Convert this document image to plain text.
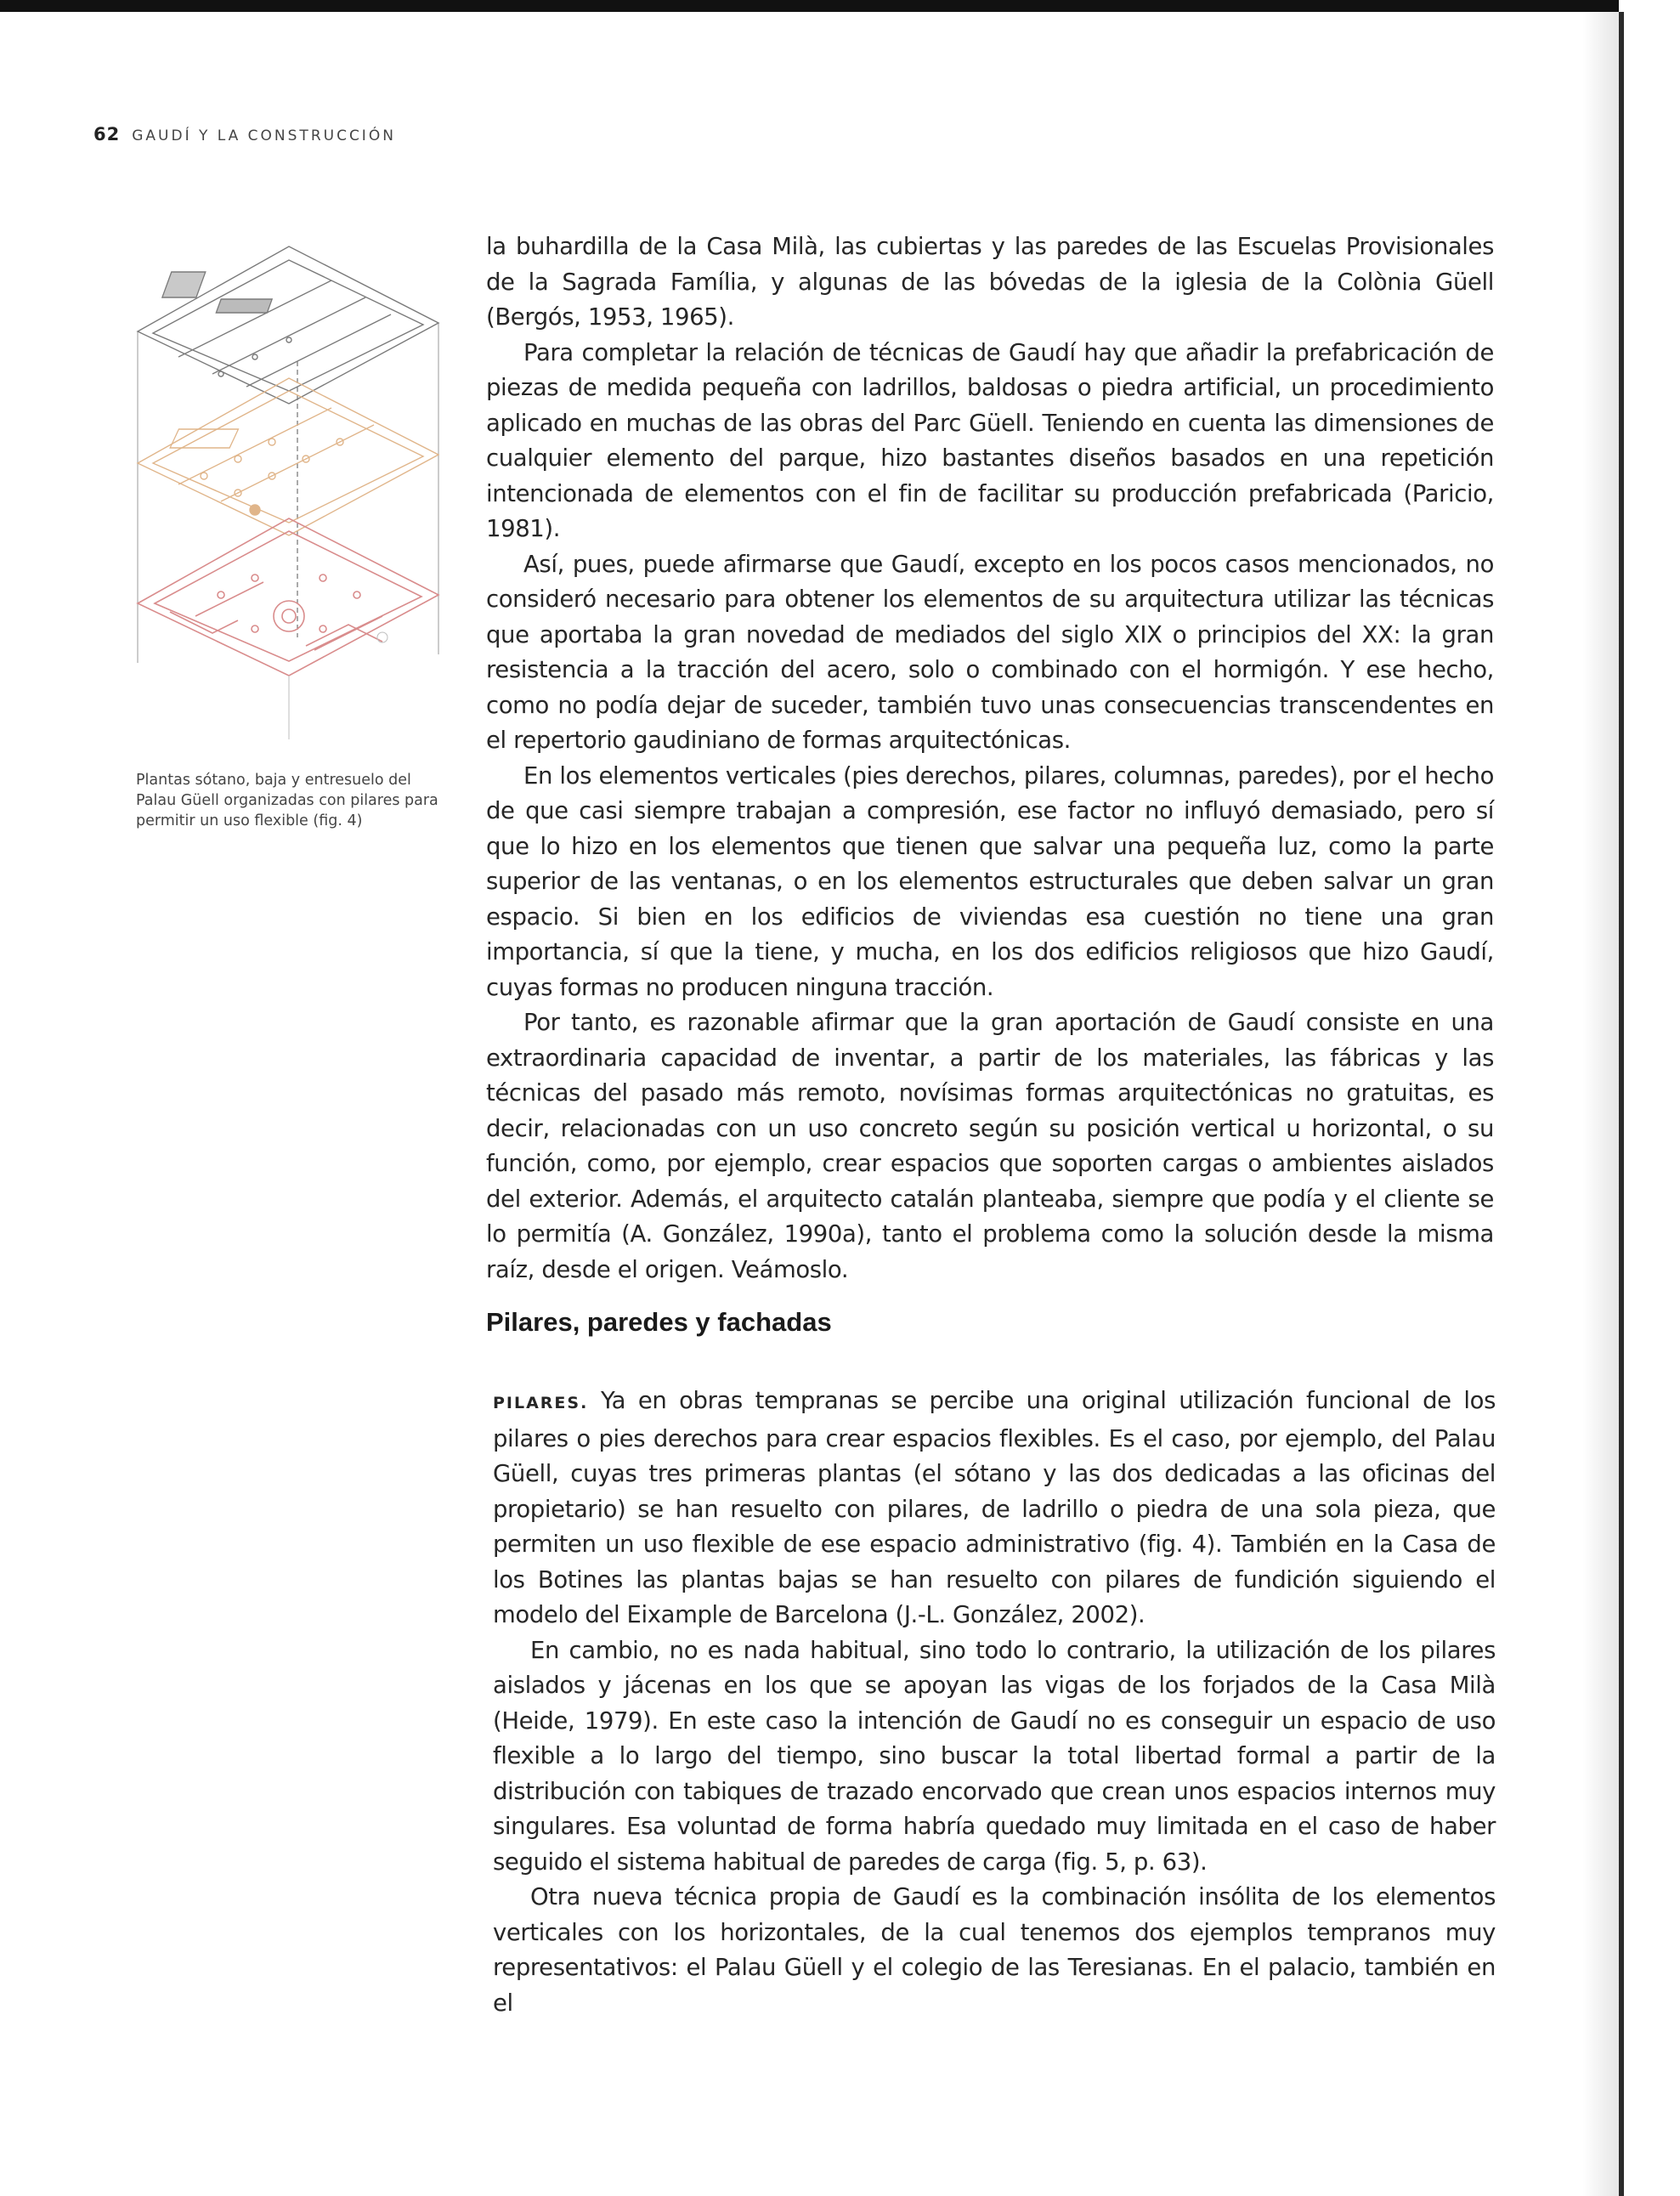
62 GAUDÍ Y LA CONSTRUCCIÓN

Plantas sótano, baja y entresuelo del Palau Güell organizadas con pilares para permitir un uso flexible (fig. 4)

la buhardilla de la Casa Milà, las cubiertas y las paredes de las Escuelas Provisionales de la Sagrada Família, y algunas de las bóvedas de la iglesia de la Colònia Güell (Bergós, 1953, 1965).

Para completar la relación de técnicas de Gaudí hay que añadir la prefabricación de piezas de medida pequeña con ladrillos, baldosas o piedra artificial, un procedimiento aplicado en muchas de las obras del Parc Güell. Teniendo en cuenta las dimensiones de cualquier elemento del parque, hizo bastantes diseños basados en una repetición intencionada de elementos con el fin de facilitar su producción prefabricada (Paricio, 1981).

Así, pues, puede afirmarse que Gaudí, excepto en los pocos casos mencionados, no consideró necesario para obtener los elementos de su arquitectura utilizar las técnicas que aportaba la gran novedad de mediados del siglo XIX o principios del XX: la gran resistencia a la tracción del acero, solo o combinado con el hormigón. Y ese hecho, como no podía dejar de suceder, también tuvo unas consecuencias transcendentes en el repertorio gaudiniano de formas arquitectónicas.

En los elementos verticales (pies derechos, pilares, columnas, paredes), por el hecho de que casi siempre trabajan a compresión, ese factor no influyó demasiado, pero sí que lo hizo en los elementos que tienen que salvar una pequeña luz, como la parte superior de las ventanas, o en los elementos estructurales que deben salvar un gran espacio. Si bien en los edificios de viviendas esa cuestión no tiene una gran importancia, sí que la tiene, y mucha, en los dos edificios religiosos que hizo Gaudí, cuyas formas no producen ninguna tracción.

Por tanto, es razonable afirmar que la gran aportación de Gaudí consiste en una extraordinaria capacidad de inventar, a partir de los materiales, las fábricas y las técnicas del pasado más remoto, novísimas formas arquitectónicas no gratuitas, es decir, relacionadas con un uso concreto según su posición vertical u horizontal, o su función, como, por ejemplo, crear espacios que soporten cargas o ambientes aislados del exterior. Además, el arquitecto catalán planteaba, siempre que podía y el cliente se lo permitía (A. González, 1990a), tanto el problema como la solución desde la misma raíz, desde el origen. Veámoslo.

Pilares, paredes y fachadas

PILARES. Ya en obras tempranas se percibe una original utilización funcional de los pilares o pies derechos para crear espacios flexibles. Es el caso, por ejemplo, del Palau Güell, cuyas tres primeras plantas (el sótano y las dos dedicadas a las oficinas del propietario) se han resuelto con pilares, de ladrillo o piedra de una sola pieza, que permiten un uso flexible de ese espacio administrativo (fig. 4). También en la Casa de los Botines las plantas bajas se han resuelto con pilares de fundición siguiendo el modelo del Eixample de Barcelona (J.-L. González, 2002).

En cambio, no es nada habitual, sino todo lo contrario, la utilización de los pilares aislados y jácenas en los que se apoyan las vigas de los forjados de la Casa Milà (Heide, 1979). En este caso la intención de Gaudí no es conseguir un espacio de uso flexible a lo largo del tiempo, sino buscar la total libertad formal a partir de la distribución con tabiques de trazado encorvado que crean unos espacios internos muy singulares. Esa voluntad de forma habría quedado muy limitada en el caso de haber seguido el sistema habitual de paredes de carga (fig. 5, p. 63).

Otra nueva técnica propia de Gaudí es la combinación insólita de los elementos verticales con los horizontales, de la cual tenemos dos ejemplos tempranos muy representativos: el Palau Güell y el colegio de las Teresianas. En el palacio, también en el
